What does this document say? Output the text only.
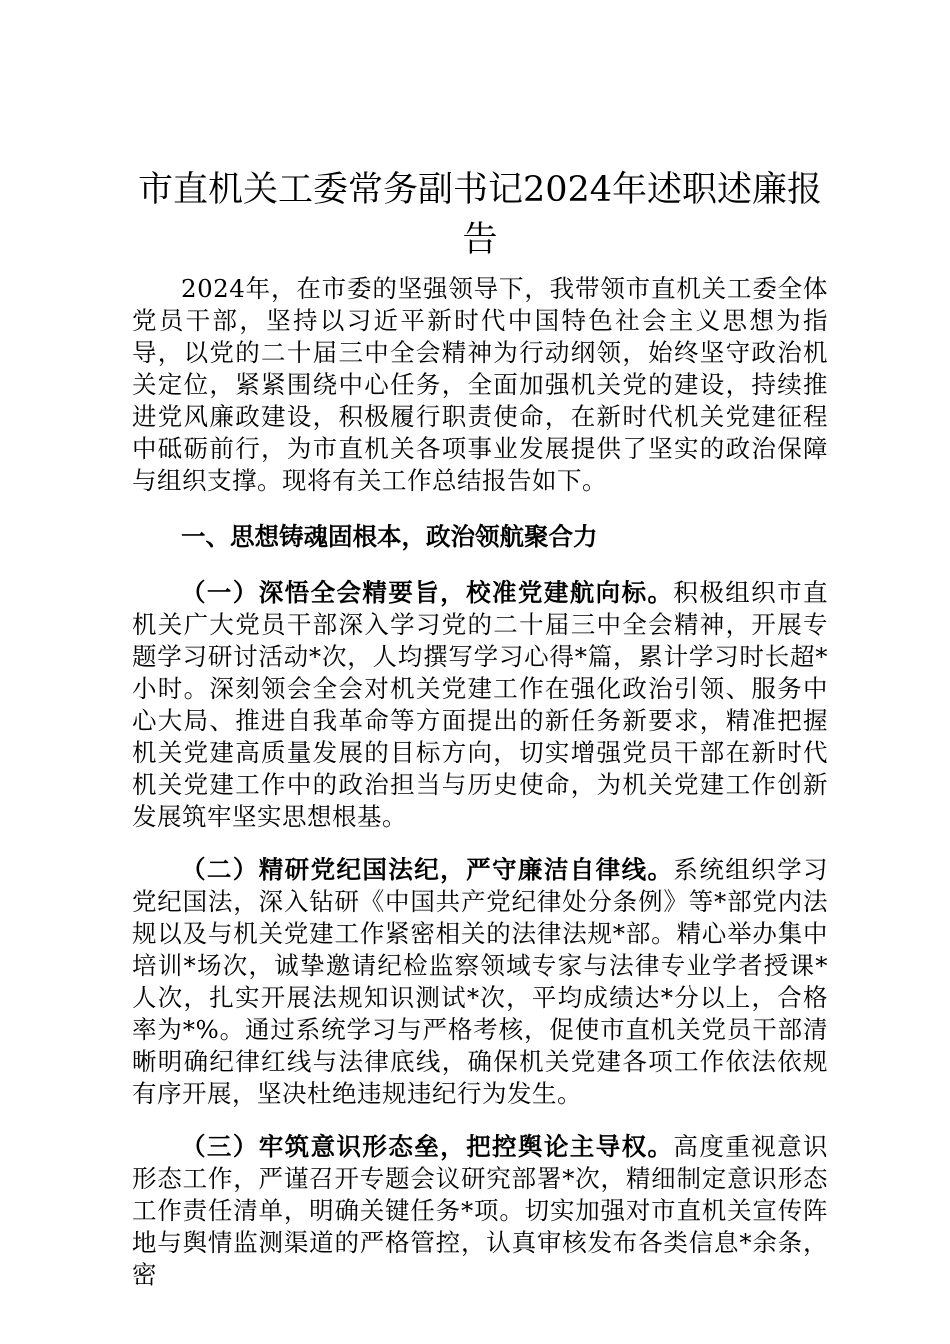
市直机关工委常务副书记2024年述职述廉报告

2024年，在市委的坚强领导下，我带领市直机关工委全体党员干部，坚持以习近平新时代中国特色社会主义思想为指导，以党的二十届三中全会精神为行动纲领，始终坚守政治机关定位，紧紧围绕中心任务，全面加强机关党的建设，持续推进党风廉政建设，积极履行职责使命，在新时代机关党建征程中砥砺前行，为市直机关各项事业发展提供了坚实的政治保障与组织支撑。现将有关工作总结报告如下。

一、思想铸魂固根本，政治领航聚合力

（一）深悟全会精要旨，校准党建航向标。积极组织市直机关广大党员干部深入学习党的二十届三中全会精神，开展专题学习研讨活动*次，人均撰写学习心得*篇，累计学习时长超*小时。深刻领会全会对机关党建工作在强化政治引领、服务中心大局、推进自我革命等方面提出的新任务新要求，精准把握机关党建高质量发展的目标方向，切实增强党员干部在新时代机关党建工作中的政治担当与历史使命，为机关党建工作创新发展筑牢坚实思想根基。

（二）精研党纪国法纪，严守廉洁自律线。系统组织学习党纪国法，深入钻研《中国共产党纪律处分条例》等*部党内法规以及与机关党建工作紧密相关的法律法规*部。精心举办集中培训*场次，诚挚邀请纪检监察领域专家与法律专业学者授课*人次，扎实开展法规知识测试*次，平均成绩达*分以上，合格率为*%。通过系统学习与严格考核，促使市直机关党员干部清晰明确纪律红线与法律底线，确保机关党建各项工作依法依规有序开展，坚决杜绝违规违纪行为发生。

（三）牢筑意识形态垒，把控舆论主导权。高度重视意识形态工作，严谨召开专题会议研究部署*次，精细制定意识形态工作责任清单，明确关键任务*项。切实加强对市直机关宣传阵地与舆情监测渠道的严格管控，认真审核发布各类信息*余条，密
